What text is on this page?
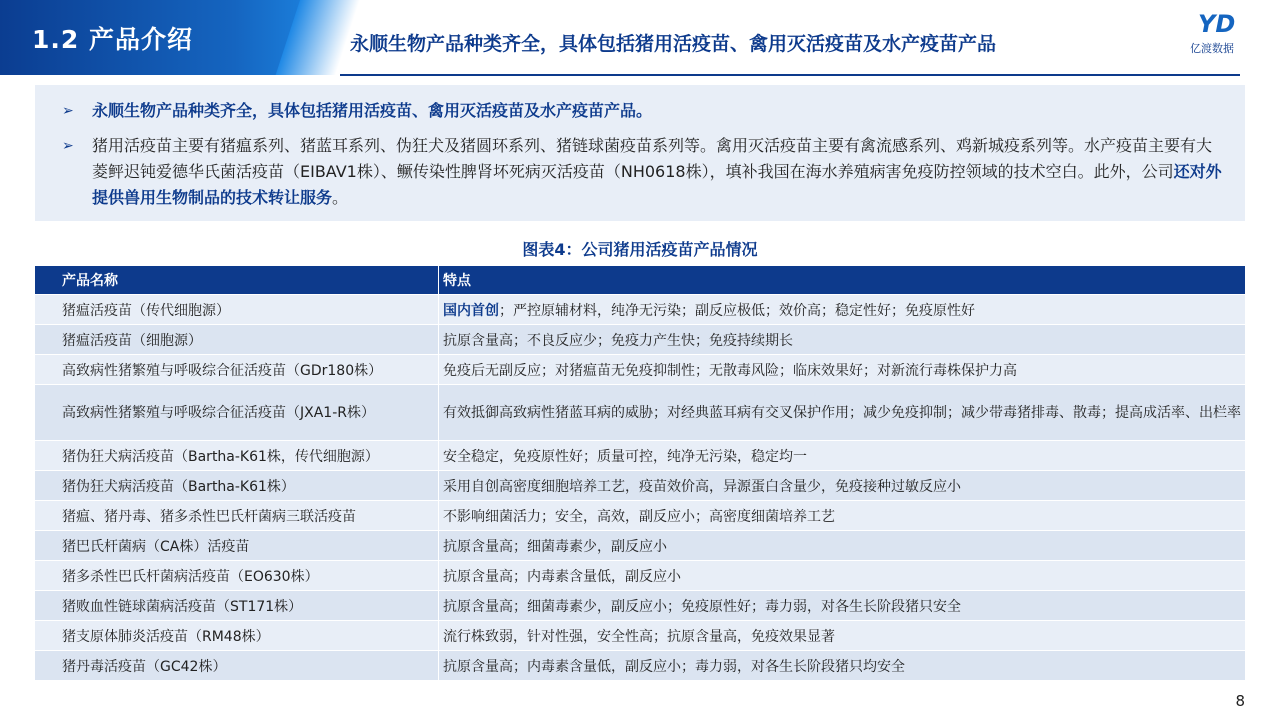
1.2 产品介绍	永顺生物产品种类齐全，具体包括猪用活疫苗、禽用灭活疫苗及水产疫苗产品
YD
亿渡数据
➢ 永顺生物产品种类齐全，具体包括猪用活疫苗、禽用灭活疫苗及水产疫苗产品。
➢ 猪用活疫苗主要有猪瘟系列、猪蓝耳系列、伪狂犬及猪圆环系列、猪链球菌疫苗系列等。禽用灭活疫苗主要有禽流感系列、鸡新城疫系列等。水产疫苗主要有大菱鲆迟钝爱德华氏菌活疫苗（EIBAV1株）、鳜传染性脾肾坏死病灭活疫苗（NH0618株），填补我国在海水养殖病害免疫防控领域的技术空白。此外，公司还对外提供兽用生物制品的技术转让服务。
图表4：公司猪用活疫苗产品情况
产品名称	特点
猪瘟活疫苗（传代细胞源）	国内首创；严控原辅材料，纯净无污染；副反应极低；效价高；稳定性好；免疫原性好
猪瘟活疫苗（细胞源）	抗原含量高；不良反应少；免疫力产生快；免疫持续期长
高致病性猪繁殖与呼吸综合征活疫苗（GDr180株）	免疫后无副反应；对猪瘟苗无免疫抑制性；无散毒风险；临床效果好；对新流行毒株保护力高
高致病性猪繁殖与呼吸综合征活疫苗（JXA1-R株）	有效抵御高致病性猪蓝耳病的威胁；对经典蓝耳病有交叉保护作用；减少免疫抑制；减少带毒猪排毒、散毒；提高成活率、出栏率
猪伪狂犬病活疫苗（Bartha-K61株，传代细胞源）	安全稳定，免疫原性好；质量可控，纯净无污染，稳定均一
猪伪狂犬病活疫苗（Bartha-K61株）	采用自创高密度细胞培养工艺，疫苗效价高，异源蛋白含量少，免疫接种过敏反应小
猪瘟、猪丹毒、猪多杀性巴氏杆菌病三联活疫苗	不影响细菌活力；安全，高效，副反应小；高密度细菌培养工艺
猪巴氏杆菌病（CA株）活疫苗	抗原含量高；细菌毒素少，副反应小
猪多杀性巴氏杆菌病活疫苗（EO630株）	抗原含量高；内毒素含量低，副反应小
猪败血性链球菌病活疫苗（ST171株）	抗原含量高；细菌毒素少，副反应小；免疫原性好；毒力弱，对各生长阶段猪只安全
猪支原体肺炎活疫苗（RM48株）	流行株致弱，针对性强，安全性高；抗原含量高，免疫效果显著
猪丹毒活疫苗（GC42株）	抗原含量高；内毒素含量低，副反应小；毒力弱，对各生长阶段猪只均安全
8
